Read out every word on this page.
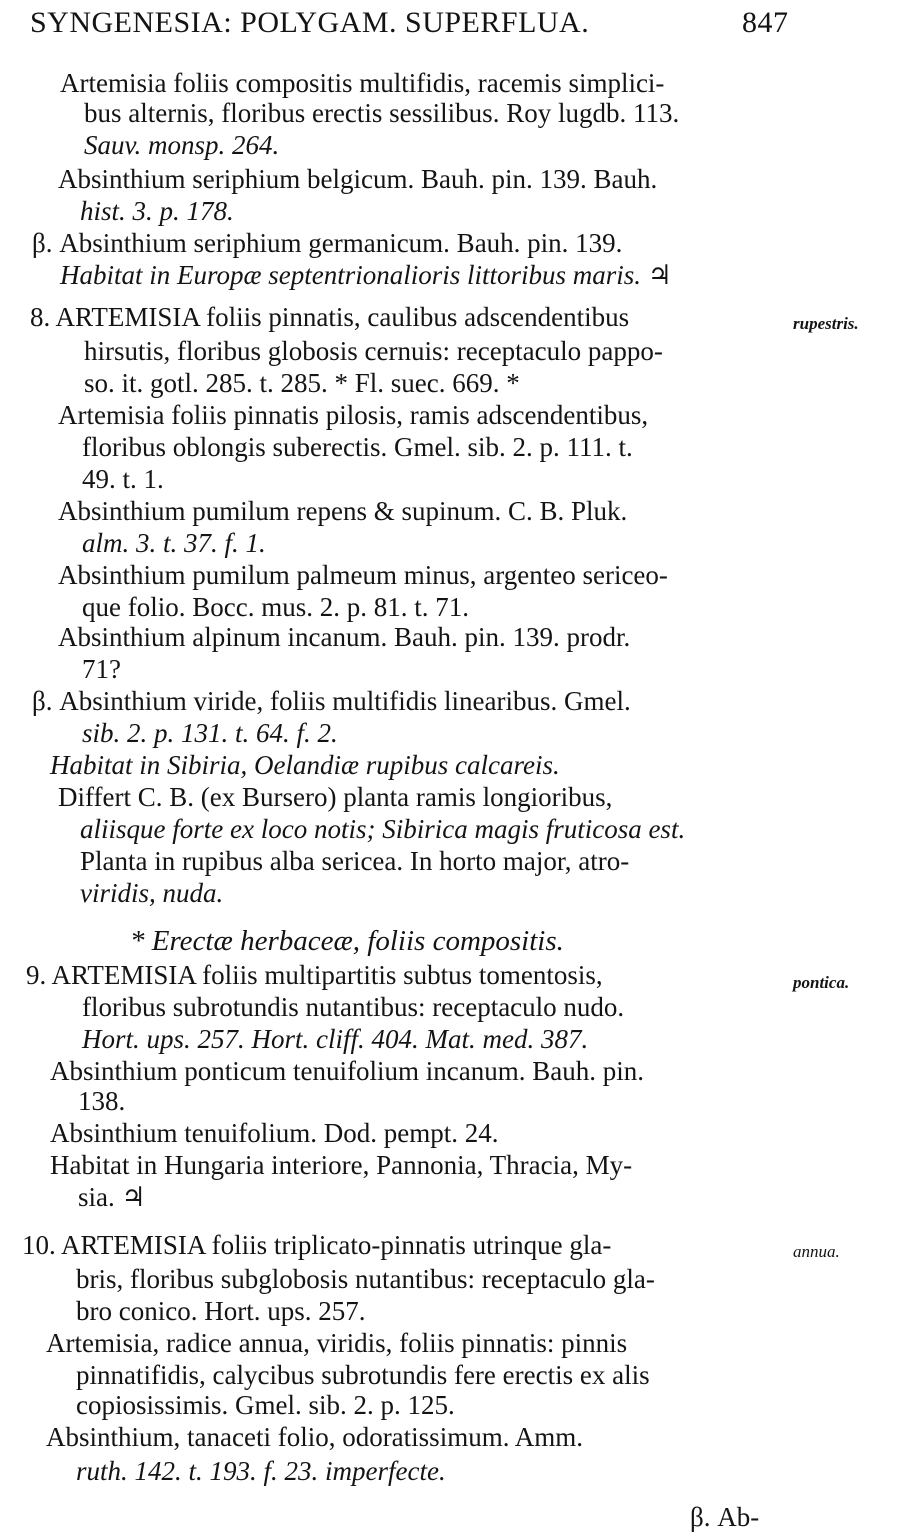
SYNGENESIA: POLYGAM. SUPERFLUA.	847
Artemisia foliis compositis multifidis, racemis simplici-
bus alternis, floribus erectis sessilibus. Roy lugdb. 113.
Sauv. monsp. 264.
Absinthium seriphium belgicum. Bauh. pin. 139. Bauh.
hist. 3. p. 178.
β. Absinthium seriphium germanicum. Bauh. pin. 139.
Habitat in Europæ septentrionalioris littoribus maris. ♃
8. ARTEMISIA foliis pinnatis, caulibus adscendentibus	rupestris.
hirsutis, floribus globosis cernuis: receptaculo pappo-
so. it. gotl. 285. t. 285. * Fl. suec. 669. *
Artemisia foliis pinnatis pilosis, ramis adscendentibus,
floribus oblongis suberectis. Gmel. sib. 2. p. 111. t.
49. t. 1.
Absinthium pumilum repens & supinum. C. B. Pluk.
alm. 3. t. 37. f. 1.
Absinthium pumilum palmeum minus, argenteo sericeo-
que folio. Bocc. mus. 2. p. 81. t. 71.
Absinthium alpinum incanum. Bauh. pin. 139. prodr.
71?
β. Absinthium viride, foliis multifidis linearibus. Gmel.
sib. 2. p. 131. t. 64. f. 2.
Habitat in Sibiria, Oelandiæ rupibus calcareis.
Differt C. B. (ex Bursero) planta ramis longioribus,
aliisque forte ex loco notis; Sibirica magis fruticosa est.
Planta in rupibus alba sericea. In horto major, atro-
viridis, nuda.
* Erectæ herbaceæ, foliis compositis.
9. ARTEMISIA foliis multipartitis subtus tomentosis,	pontica.
floribus subrotundis nutantibus: receptaculo nudo.
Hort. ups. 257. Hort. cliff. 404. Mat. med. 387.
Absinthium ponticum tenuifolium incanum. Bauh. pin.
138.
Absinthium tenuifolium. Dod. pempt. 24.
Habitat in Hungaria interiore, Pannonia, Thracia, My-
sia. ♃
10. ARTEMISIA foliis triplicato-pinnatis utrinque gla-	annua.
bris, floribus subglobosis nutantibus: receptaculo gla-
bro conico. Hort. ups. 257.
Artemisia, radice annua, viridis, foliis pinnatis: pinnis
pinnatifidis, calycibus subrotundis fere erectis ex alis
copiosissimis. Gmel. sib. 2. p. 125.
Absinthium, tanaceti folio, odoratissimum. Amm.
ruth. 142. t. 193. f. 23. imperfecte.
β. Ab-
